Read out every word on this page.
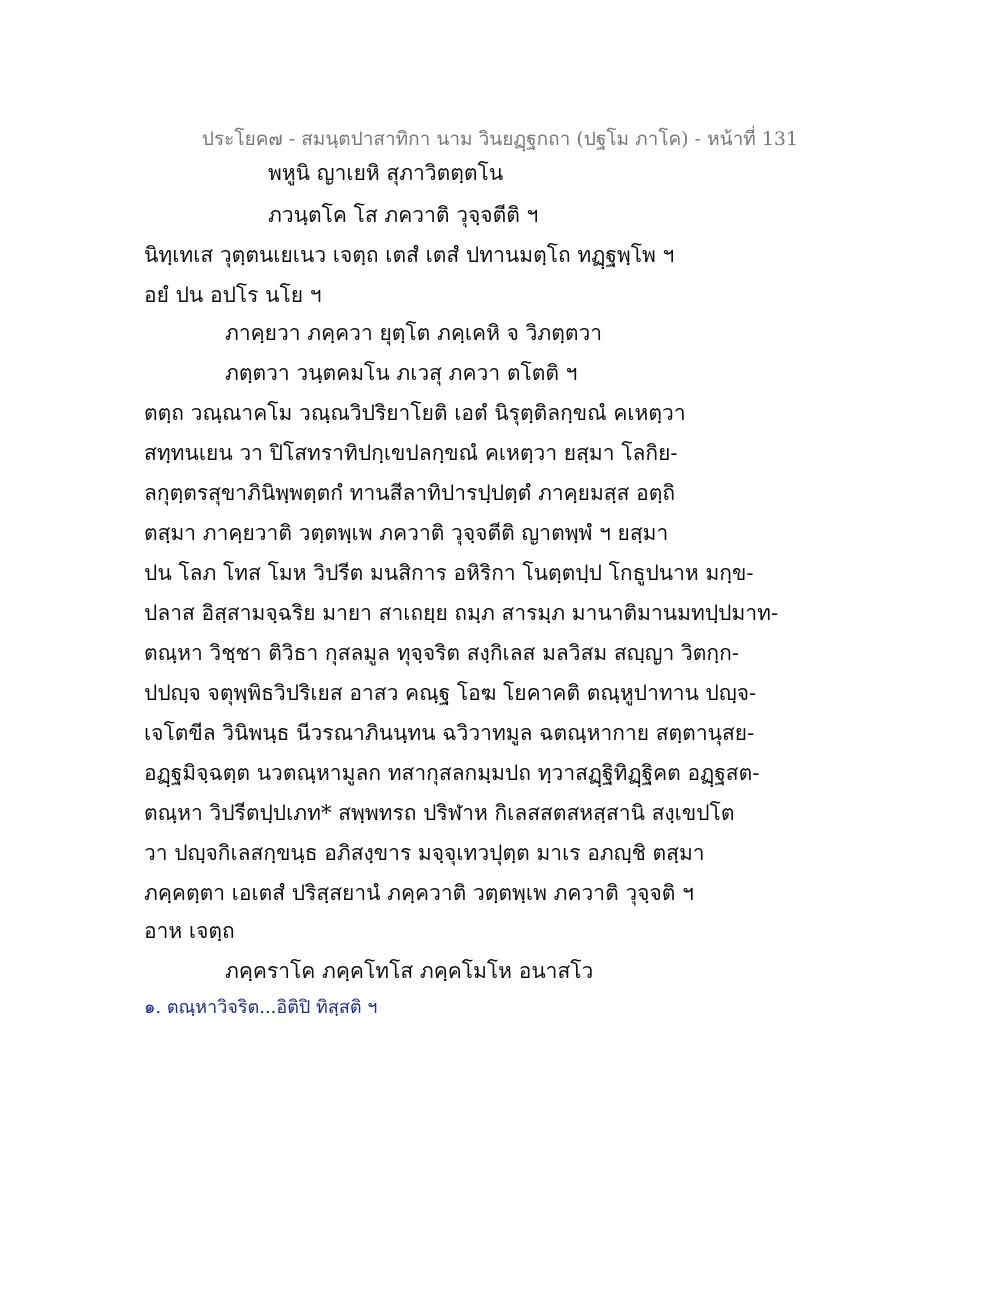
ประโยค๗ - สมนฺตปาสาทิกา นาม วินยฏฺฐกถา (ปฐโม ภาโค) - หน้าที่ 131
พหูนิ ญาเยหิ สุภาวิตตฺตโน
ภวนฺตโค โส ภควาติ วุจฺจตีติ ฯ
นิทฺเทเส วุตฺตนเยเนว เจตฺถ เตสํ เตสํ ปทานมตฺโถ ทฏฺฐพฺโพ ฯ
อยํ ปน อปโร นโย ฯ
ภาคฺยวา ภคฺควา ยุตฺโต ภคฺเคหิ จ วิภตฺตวา
ภตฺตวา วนฺตคมโน ภเวสุ ภควา ตโตติ ฯ
ตตฺถ วณฺณาคโม วณฺณวิปริยาโยติ เอตํ นิรุตฺติลกฺขณํ คเหตฺวา
สทฺทนเยน วา ปิโสทราทิปกฺเขปลกฺขณํ คเหตฺวา ยสฺมา โลกิย-
ลกุตฺตรสุขาภินิพฺพตฺตกํ ทานสีลาทิปารปฺปตฺตํ ภาคฺยมสฺส อตฺถิ
ตสฺมา ภาคฺยวาติ วตฺตพฺเพ ภควาติ วุจฺจตีติ ญาตพฺพํ ฯ ยสฺมา
ปน โลภ โทส โมห วิปรีต มนสิการ อหิริกา โนตฺตปฺป โกธูปนาห มกฺข-
ปลาส อิสฺสามจฺฉริย มายา สาเถยฺย ถมฺภ สารมฺภ มานาติมานมทปฺปมาท-
ตณฺหา วิชฺชา ติวิธา กุสลมูล ทุจฺจริต สงฺกิเลส มลวิสม สญฺญา วิตกฺก-
ปปญฺจ จตุพฺพิธวิปริเยส อาสว คณฺฐ โอฆ โยคาคติ ตณฺหูปาทาน ปญฺจ-
เจโตขีล วินิพนฺธ นีวรณาภินนฺทน ฉวิวาทมูล ฉตณฺหากาย สตฺตานุสย-
อฏฺฐมิจฺฉตฺต นวตณฺหามูลก ทสากุสลกมฺมปถ ทฺวาสฏฺฐิทิฏฺฐิคต อฏฺฐสต-
ตณฺหา วิปรีตปฺปเภท* สพฺพทรถ ปริฬาห กิเลสสตสหสฺสานิ สงฺเขปโต
วา ปญฺจกิเลสกฺขนฺธ อภิสงฺขาร มจฺจุเทวปุตฺต มาเร อภญฺชิ ตสฺมา
ภคฺคตฺตา เอเตสํ ปริสฺสยานํ ภคฺควาติ วตฺตพฺเพ ภควาติ วุจฺจติ ฯ
อาห เจตฺถ
ภคฺคราโค ภคฺคโทโส ภคฺคโมโห อนาสโว
๑. ตณฺหาวิจริต...อิติปิ ทิสฺสติ ฯ
